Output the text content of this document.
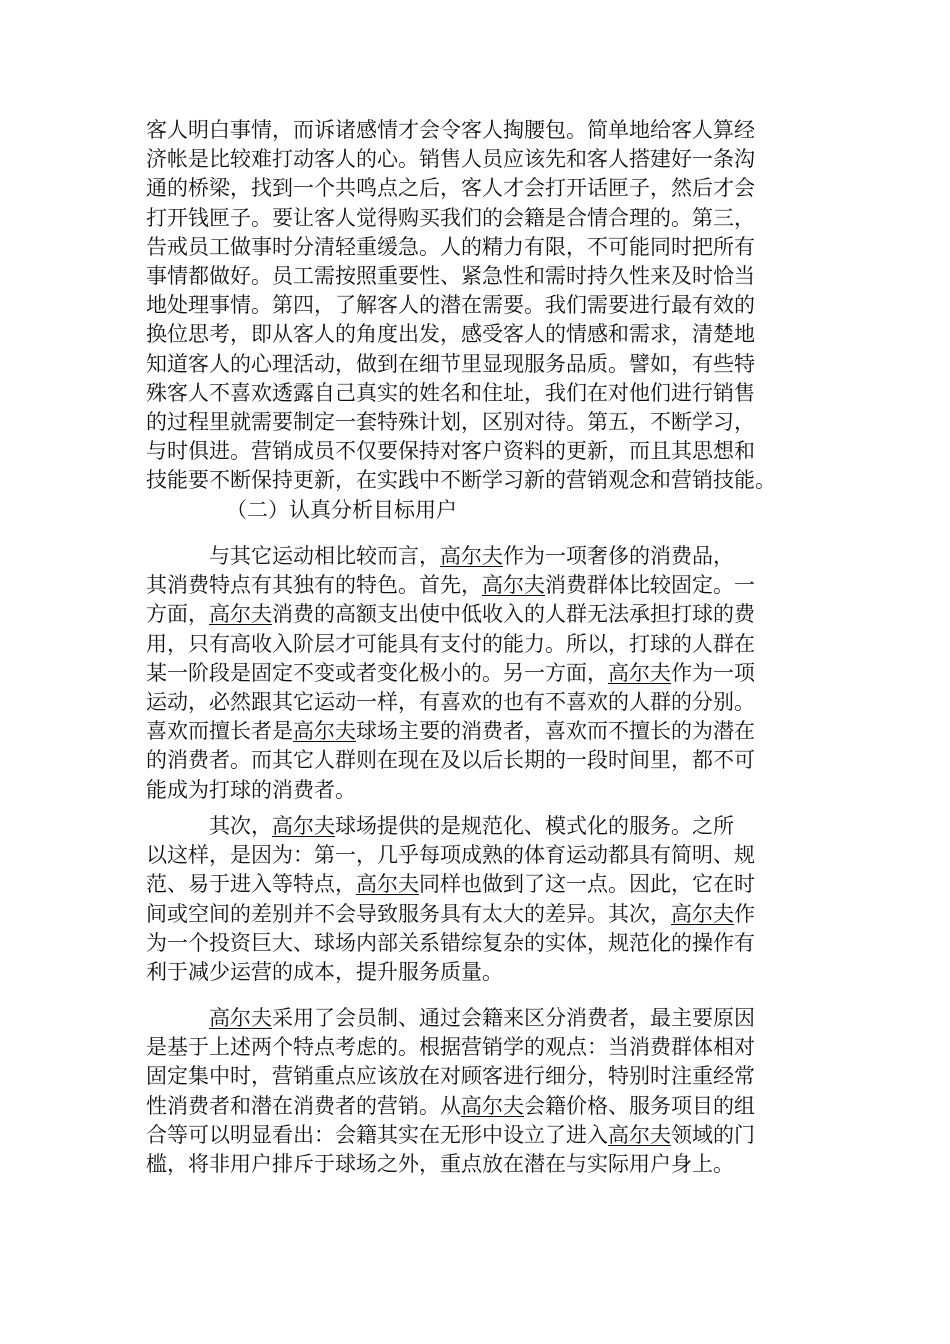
客人明白事情，而诉诸感情才会令客人掏腰包。简单地给客人算经
济帐是比较难打动客人的心。销售人员应该先和客人搭建好一条沟
通的桥梁，找到一个共鸣点之后，客人才会打开话匣子，然后才会
打开钱匣子。要让客人觉得购买我们的会籍是合情合理的。第三，
告戒员工做事时分清轻重缓急。人的精力有限，不可能同时把所有
事情都做好。员工需按照重要性、紧急性和需时持久性来及时恰当
地处理事情。第四，了解客人的潜在需要。我们需要进行最有效的
换位思考，即从客人的角度出发，感受客人的情感和需求，清楚地
知道客人的心理活动，做到在细节里显现服务品质。譬如，有些特
殊客人不喜欢透露自己真实的姓名和住址，我们在对他们进行销售
的过程里就需要制定一套特殊计划，区别对待。第五，不断学习，
与时俱进。营销成员不仅要保持对客户资料的更新，而且其思想和
技能要不断保持更新，在实践中不断学习新的营销观念和营销技能。
（二）认真分析目标用户
　　　与其它运动相比较而言，高尔夫作为一项奢侈的消费品，
其消费特点有其独有的特色。首先，高尔夫消费群体比较固定。一
方面，高尔夫消费的高额支出使中低收入的人群无法承担打球的费
用，只有高收入阶层才可能具有支付的能力。所以，打球的人群在
某一阶段是固定不变或者变化极小的。另一方面，高尔夫作为一项
运动，必然跟其它运动一样，有喜欢的也有不喜欢的人群的分别。
喜欢而擅长者是高尔夫球场主要的消费者，喜欢而不擅长的为潜在
的消费者。而其它人群则在现在及以后长期的一段时间里，都不可
能成为打球的消费者。
　　　其次，高尔夫球场提供的是规范化、模式化的服务。之所
以这样，是因为：第一，几乎每项成熟的体育运动都具有简明、规
范、易于进入等特点，高尔夫同样也做到了这一点。因此，它在时
间或空间的差别并不会导致服务具有太大的差异。其次，高尔夫作
为一个投资巨大、球场内部关系错综复杂的实体，规范化的操作有
利于减少运营的成本，提升服务质量。
　　　高尔夫采用了会员制、通过会籍来区分消费者，最主要原因
是基于上述两个特点考虑的。根据营销学的观点：当消费群体相对
固定集中时，营销重点应该放在对顾客进行细分，特别时注重经常
性消费者和潜在消费者的营销。从高尔夫会籍价格、服务项目的组
合等可以明显看出：会籍其实在无形中设立了进入高尔夫领域的门
槛，将非用户排斥于球场之外，重点放在潜在与实际用户身上。
